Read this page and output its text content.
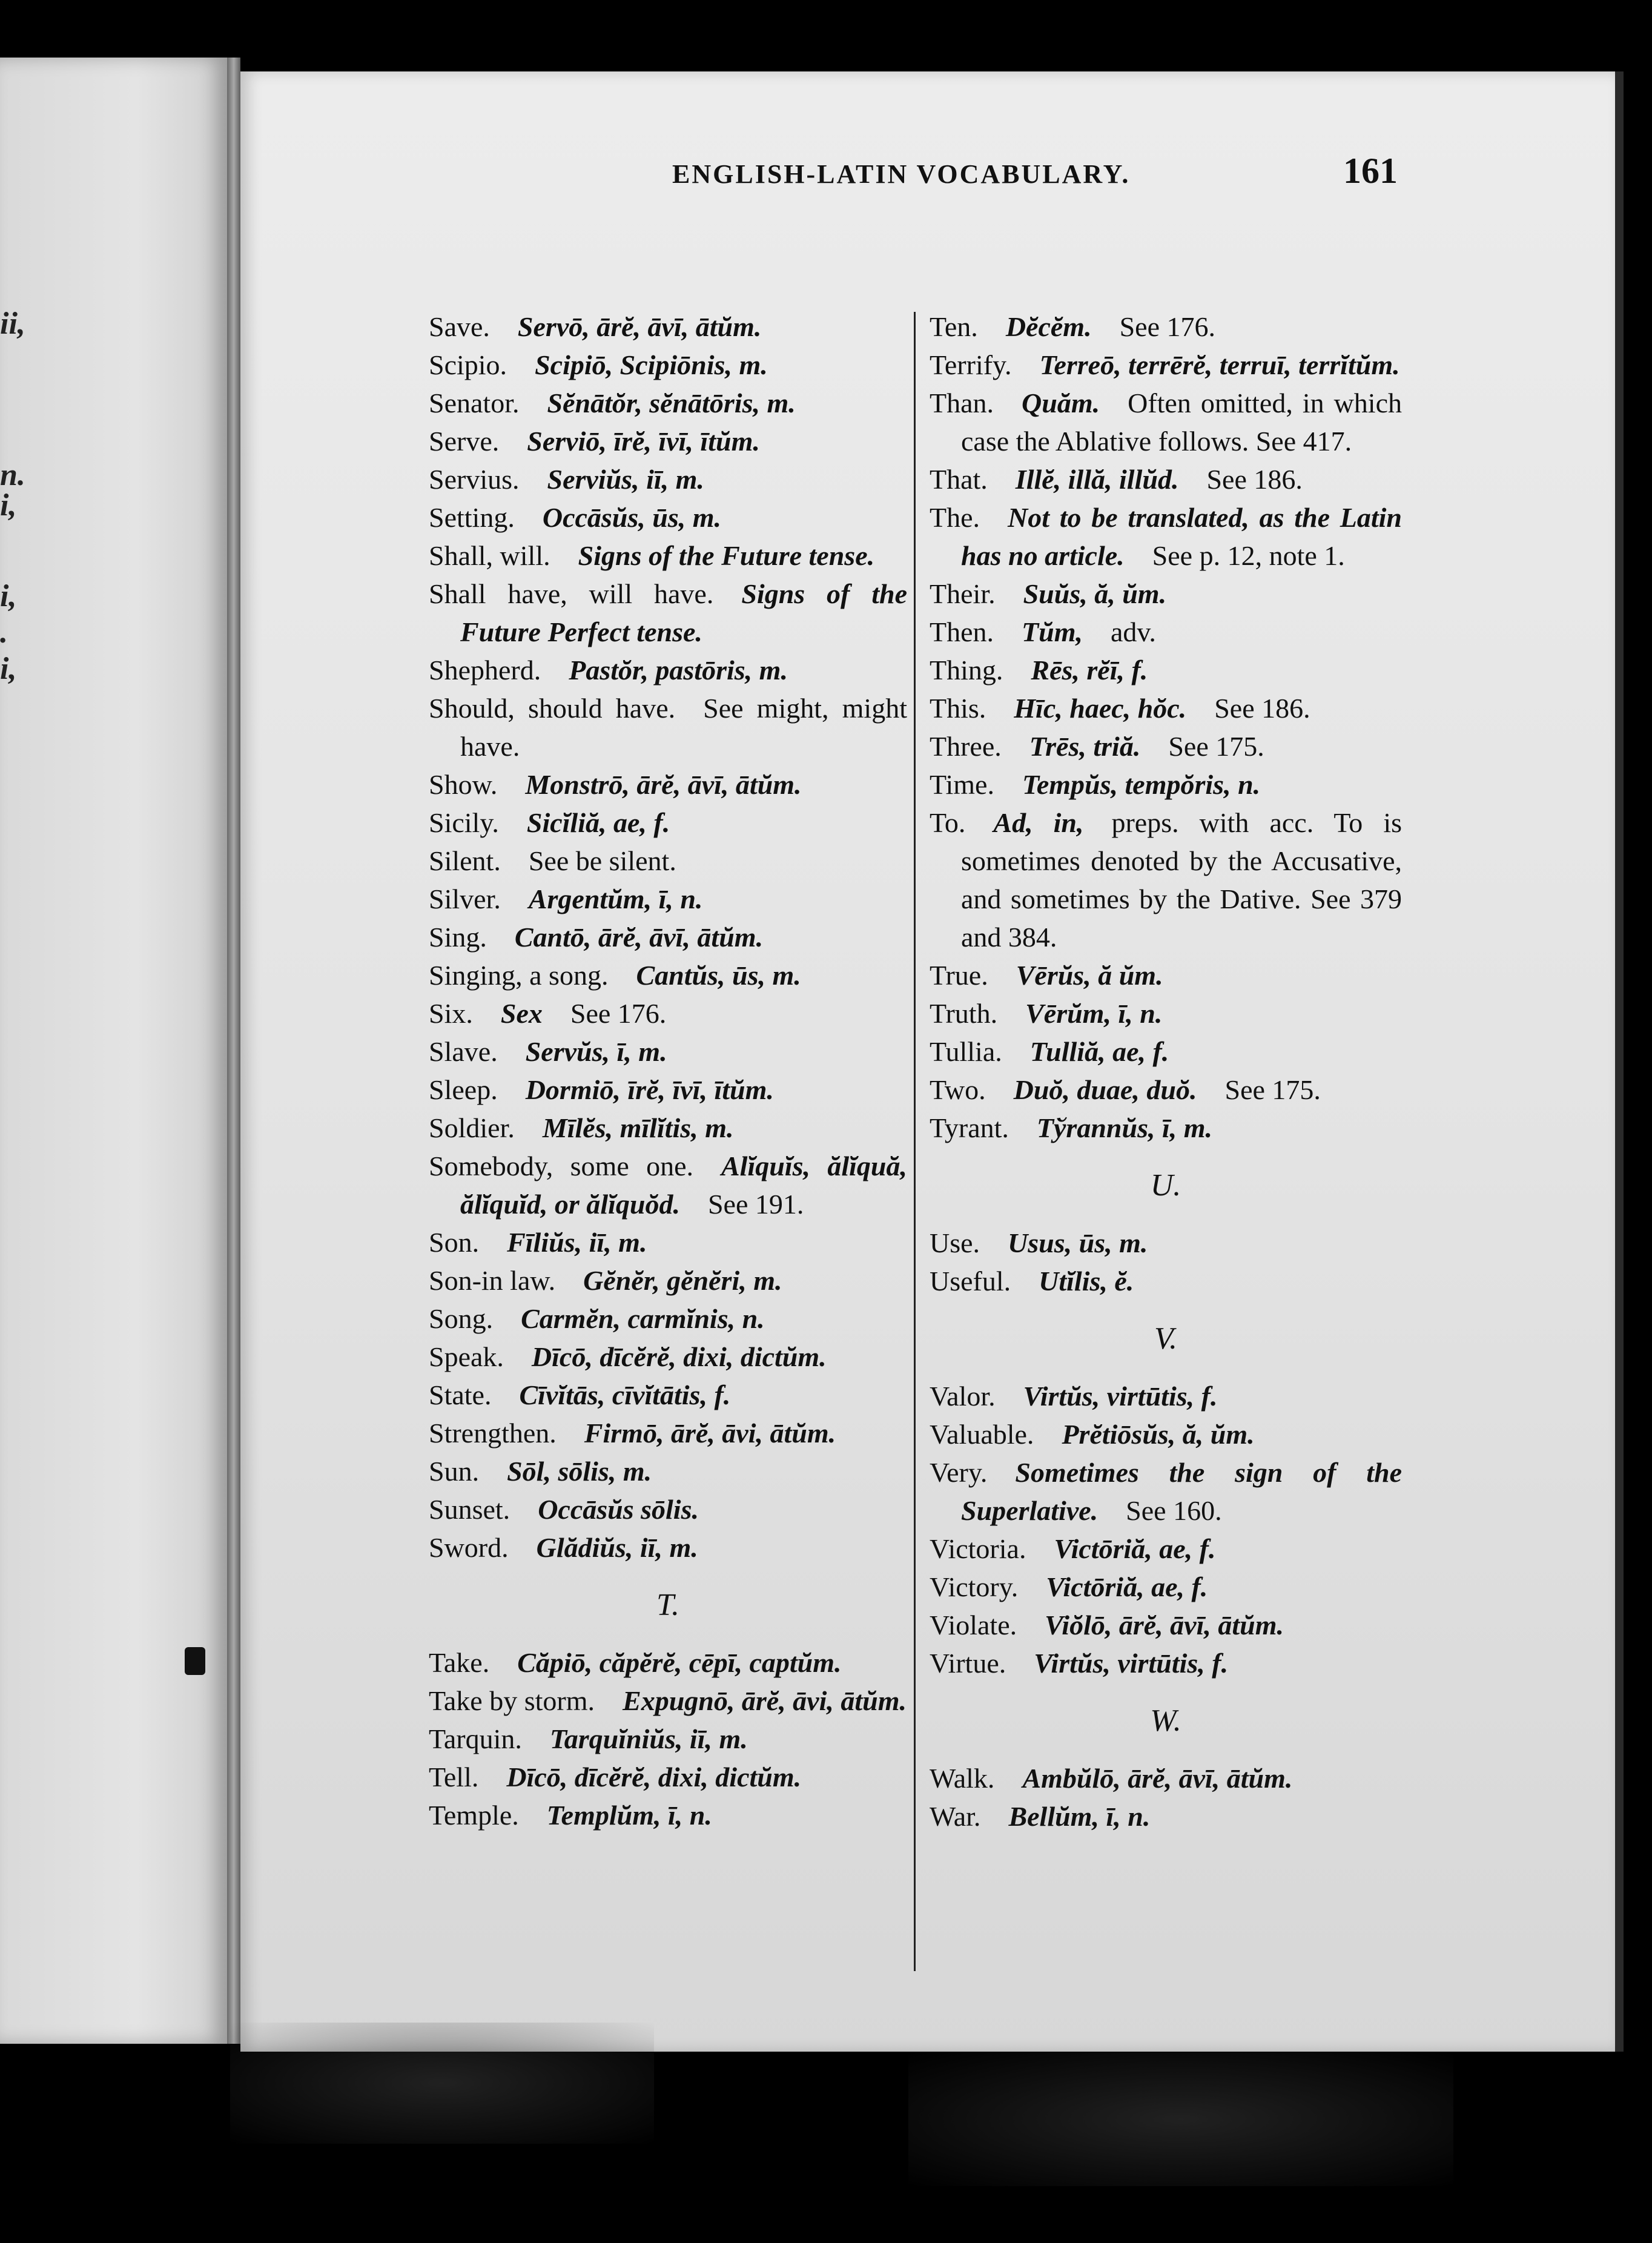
ii,
n.
i,
i,
.
i,
ENGLISH-LATIN VOCABULARY.	161
Save.  Servō, ārĕ, āvī, ātŭm.
Scipio.  Scipiō, Scipiōnis, m.
Senator.  Sĕnātŏr, sĕnātōris, m.
Serve.  Serviō, īrĕ, īvī, ītŭm.
Servius.  Serviŭs, iī, m.
Setting.  Occāsŭs, ūs, m.
Shall, will.  Signs of the Future tense.
Shall have, will have.  Signs of the Future Perfect tense.
Shepherd.  Pastŏr, pastōris, m.
Should, should have.  See might, might have.
Show.  Monstrō, ārĕ, āvī, ātŭm.
Sicily.  Sicĭliă, ae, f.
Silent.  See be silent.
Silver.  Argentŭm, ī, n.
Sing.  Cantō, ārĕ, āvī, ātŭm.
Singing, a song.  Cantŭs, ūs, m.
Six.  Sex  See 176.
Slave.  Servŭs, ī, m.
Sleep.  Dormiō, īrĕ, īvī, ītŭm.
Soldier.  Mīlĕs, mīlĭtis, m.
Somebody, some one.  Alĭquĭs, ălĭquă, ălĭquĭd, or ălĭquŏd.  See 191.
Son.  Fīliŭs, iī, m.
Son-in law.  Gĕnĕr, gĕnĕri, m.
Song.  Carmĕn, carmĭnis, n.
Speak.  Dīcō, dīcĕrĕ, dixi, dictŭm.
State.  Cīvĭtās, cīvĭtātis, f.
Strengthen.  Firmō, ārĕ, āvi, ātŭm.
Sun.  Sōl, sōlis, m.
Sunset.  Occāsŭs sōlis.
Sword.  Glădiŭs, iī, m.
T.
Take.  Căpiō, căpĕrĕ, cēpī, captŭm.
Take by storm.  Expugnō, ārĕ, āvi, ātŭm.
Tarquin.  Tarquĭniŭs, iī, m.
Tell.  Dīcō, dīcĕrĕ, dixi, dictŭm.
Temple.  Templŭm, ī, n.
Ten.  Dĕcĕm.  See 176.
Terrify.  Terreō, terrērĕ, terruī, terrĭtŭm.
Than.  Quăm.  Often omitted, in which case the Ablative follows. See 417.
That.  Illĕ, illă, illŭd.  See 186.
The.  Not to be translated, as the Latin has no article.  See p. 12, note 1.
Their.  Suŭs, ă, ŭm.
Then.  Tŭm,  adv.
Thing.  Rēs, rĕī, f.
This.  Hīc, haec, hŏc.  See 186.
Three.  Trēs, triă.  See 175.
Time.  Tempŭs, tempŏris, n.
To.  Ad, in,  preps. with acc. To is sometimes denoted by the Accusative, and sometimes by the Dative. See 379 and 384.
True.  Vērŭs, ă ŭm.
Truth.  Vērŭm, ī, n.
Tullia.  Tulliă, ae, f.
Two.  Duŏ, duae, duŏ.  See 175.
Tyrant.  Tўrannŭs, ī, m.
U.
Use.  Usus, ūs, m.
Useful.  Utĭlis, ĕ.
V.
Valor.  Virtŭs, virtūtis, f.
Valuable.  Prĕtiōsŭs, ă, ŭm.
Very.  Sometimes the sign of the Superlative.  See 160.
Victoria.  Victōriă, ae, f.
Victory.  Victōriă, ae, f.
Violate.  Viŏlō, ārĕ, āvī, ātŭm.
Virtue.  Virtŭs, virtūtis, f.
W.
Walk.  Ambŭlō, ārĕ, āvī, ātŭm.
War.  Bellŭm, ī, n.
